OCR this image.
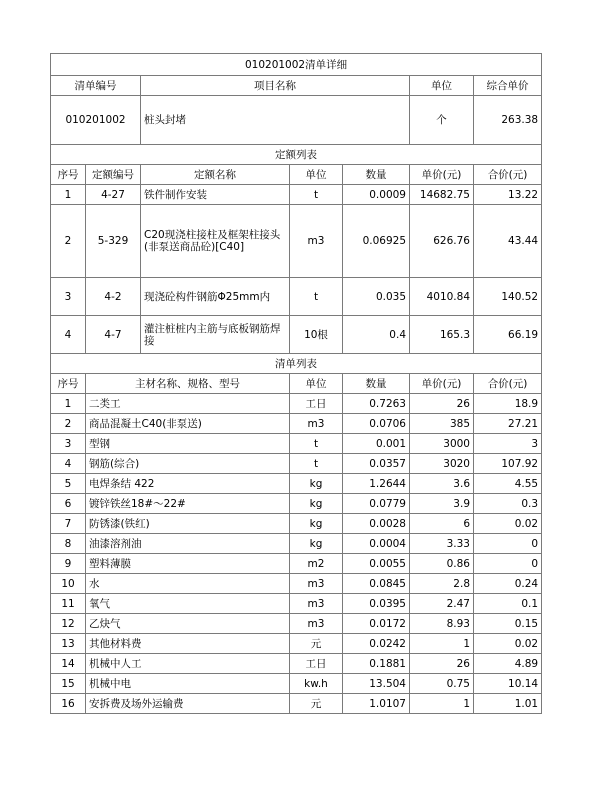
010201002清单详细						
清单编号		项目名称			单位	综合单价
010201002		桩头封堵			个	263.38
定额列表						
序号	定额编号	定额名称	单位	数量	单价(元)	合价(元)
1	4-27	铁件制作安装	t	0.0009	14682.75	13.22
2	5-329	C20现浇柱接柱及框架柱接头(非泵送商品砼)[C40]	m3	0.06925	626.76	43.44
3	4-2	现浇砼构件钢筋Φ25mm内	t	0.035	4010.84	140.52
4	4-7	灌注桩桩内主筋与底板钢筋焊接	10根	0.4	165.3	66.19
清单列表						
序号	主材名称、规格、型号		单位	数量	单价(元)	合价(元)
1	二类工		工日	0.7263	26	18.9
2	商品混凝土C40(非泵送)		m3	0.0706	385	27.21
3	型钢		t	0.001	3000	3
4	钢筋(综合)		t	0.0357	3020	107.92
5	电焊条结 422		kg	1.2644	3.6	4.55
6	镀锌铁丝18#～22#		kg	0.0779	3.9	0.3
7	防锈漆(铁红)		kg	0.0028	6	0.02
8	油漆溶剂油		kg	0.0004	3.33	0
9	塑料薄膜		m2	0.0055	0.86	0
10	水		m3	0.0845	2.8	0.24
11	氧气		m3	0.0395	2.47	0.1
12	乙炔气		m3	0.0172	8.93	0.15
13	其他材料费		元	0.0242	1	0.02
14	机械中人工		工日	0.1881	26	4.89
15	机械中电		kw.h	13.504	0.75	10.14
16	安拆费及场外运输费		元	1.0107	1	1.01
